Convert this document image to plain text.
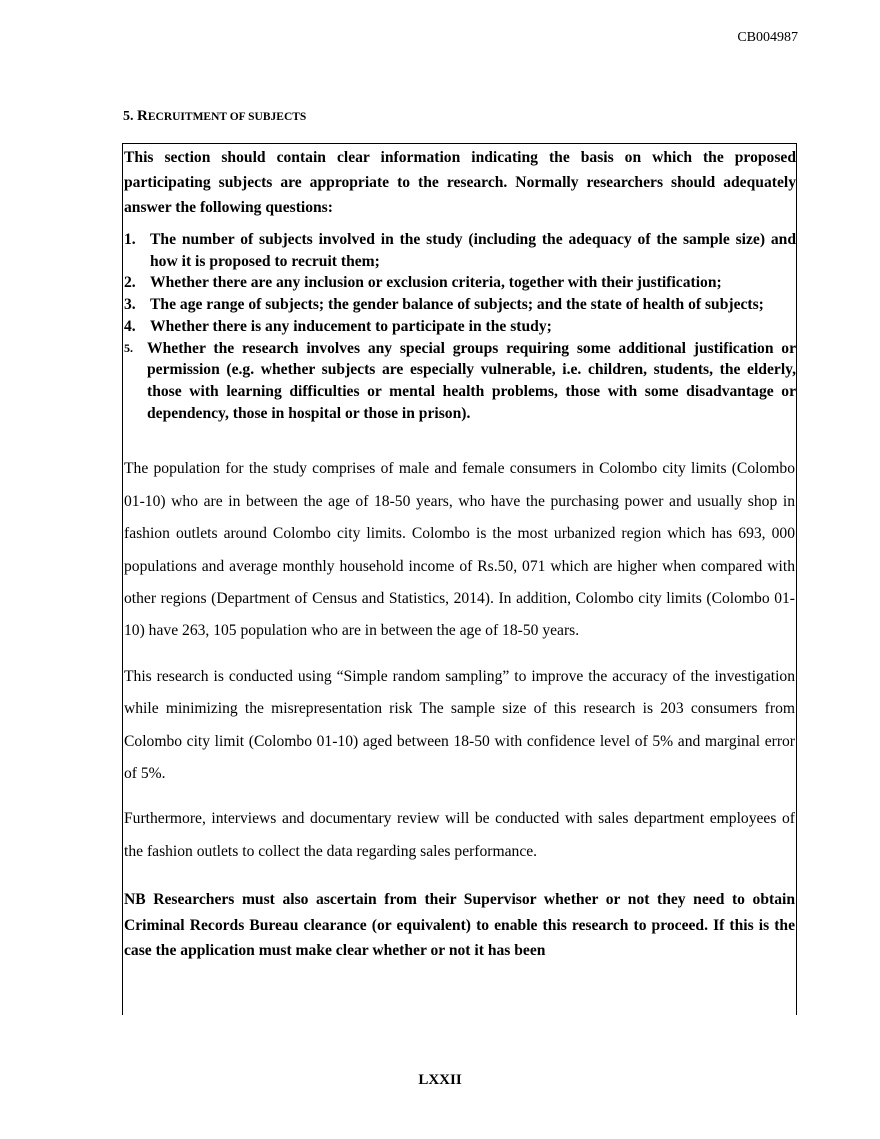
CB004987
5. RECRUITMENT OF SUBJECTS
This section should contain clear information indicating the basis on which the proposed participating subjects are appropriate to the research. Normally researchers should adequately answer the following questions:
1. The number of subjects involved in the study (including the adequacy of the sample size) and how it is proposed to recruit them;
2. Whether there are any inclusion or exclusion criteria, together with their justification;
3. The age range of subjects; the gender balance of subjects; and the state of health of subjects;
4. Whether there is any inducement to participate in the study;
5. Whether the research involves any special groups requiring some additional justification or permission (e.g. whether subjects are especially vulnerable, i.e. children, students, the elderly, those with learning difficulties or mental health problems, those with some disadvantage or dependency, those in hospital or those in prison).

The population for the study comprises of male and female consumers in Colombo city limits (Colombo 01-10) who are in between the age of 18-50 years, who have the purchasing power and usually shop in fashion outlets around Colombo city limits. Colombo is the most urbanized region which has 693, 000 populations and average monthly household income of Rs.50, 071 which are higher when compared with other regions (Department of Census and Statistics, 2014). In addition, Colombo city limits (Colombo 01-10) have 263, 105 population who are in between the age of 18-50 years.

This research is conducted using “Simple random sampling” to improve the accuracy of the investigation while minimizing the misrepresentation risk The sample size of this research is 203 consumers from Colombo city limit (Colombo 01-10) aged between 18-50 with confidence level of 5% and marginal error of 5%.

Furthermore, interviews and documentary review will be conducted with sales department employees of the fashion outlets to collect the data regarding sales performance.

NB Researchers must also ascertain from their Supervisor whether or not they need to obtain Criminal Records Bureau clearance (or equivalent) to enable this research to proceed. If this is the case the application must make clear whether or not it has been

LXXII
